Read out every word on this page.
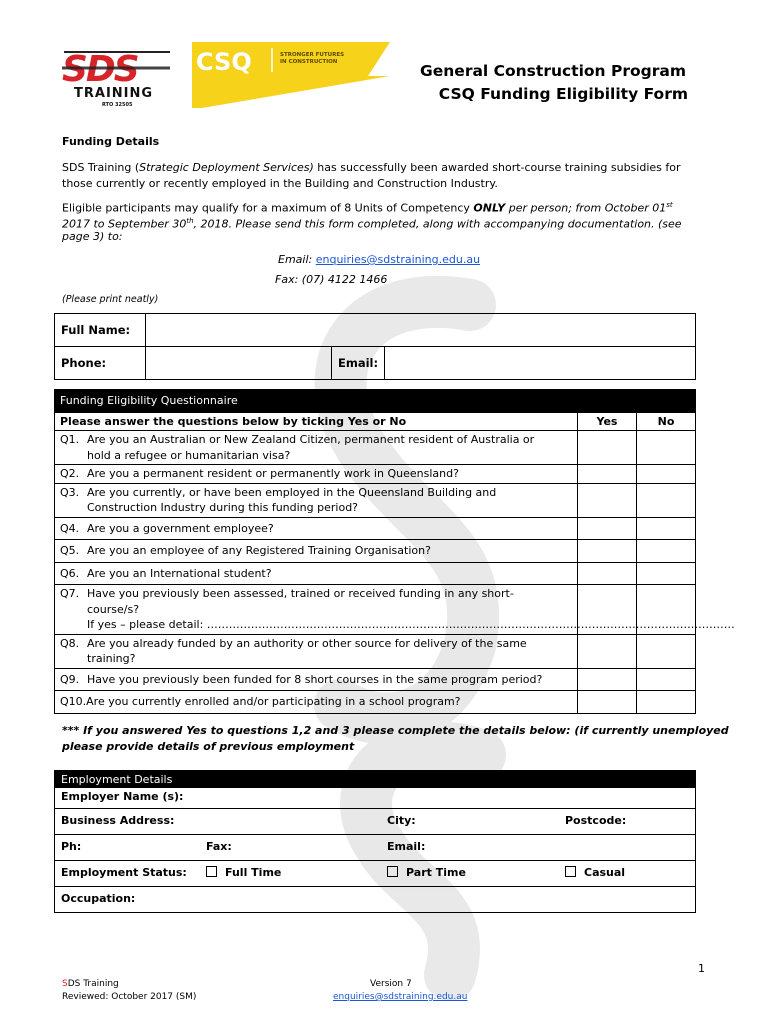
SDS
TRAINING
RTO 32505
CSQ	STRONGER FUTURES
IN CONSTRUCTION	General Construction Program
CSQ Funding Eligibility Form
Funding Details
SDS Training (Strategic Deployment Services) has successfully been awarded short-course training subsidies for
those currently or recently employed in the Building and Construction Industry.
Eligible participants may qualify for a maximum of 8 Units of Competency ONLY per person; from October 01st
2017 to September 30th, 2018. Please send this form completed, along with accompanying documentation. (see
page 3) to:
Email: enquiries@sdstraining.edu.au
Fax: (07) 4122 1466
(Please print neatly)
Full Name:			
Phone:		Email:	
Funding Eligibility Questionnaire		
Please answer the questions below by ticking Yes or No	Yes	No
Q1. Are you an Australian or New Zealand Citizen, permanent resident of Australia or
hold a refugee or humanitarian visa?		

Q2. Are you a permanent resident or permanently work in Queensland?		
Q3. Are you currently, or have been employed in the Queensland Building and
Construction Industry during this funding period?		

Q4. Are you a government employee?		
Q5. Are you an employee of any Registered Training Organisation?		
Q6. Are you an International student?		
Q7. Have you previously been assessed, trained or received funding in any short-
course/s?
If yes – please detail: ………………………………………………………………………………………………………………………………		

Q8. Are you already funded by an authority or other source for delivery of the same
training?		

Q9. Have you previously been funded for 8 short courses in the same program period?		
Q10.Are you currently enrolled and/or participating in a school program?		
*** If you answered Yes to questions 1,2 and 3 please complete the details below: (if currently unemployed
please provide details of previous employment
Employment Details

Employer Name (s):

Business Address:	City:	Postcode:

Ph:	Fax:	Email:

Employment Status:	Full Time	Part Time	Casual

Occupation:
1
SDS Training
Reviewed: October 2017 (SM)
Version 7
enquiries@sdstraining.edu.au
